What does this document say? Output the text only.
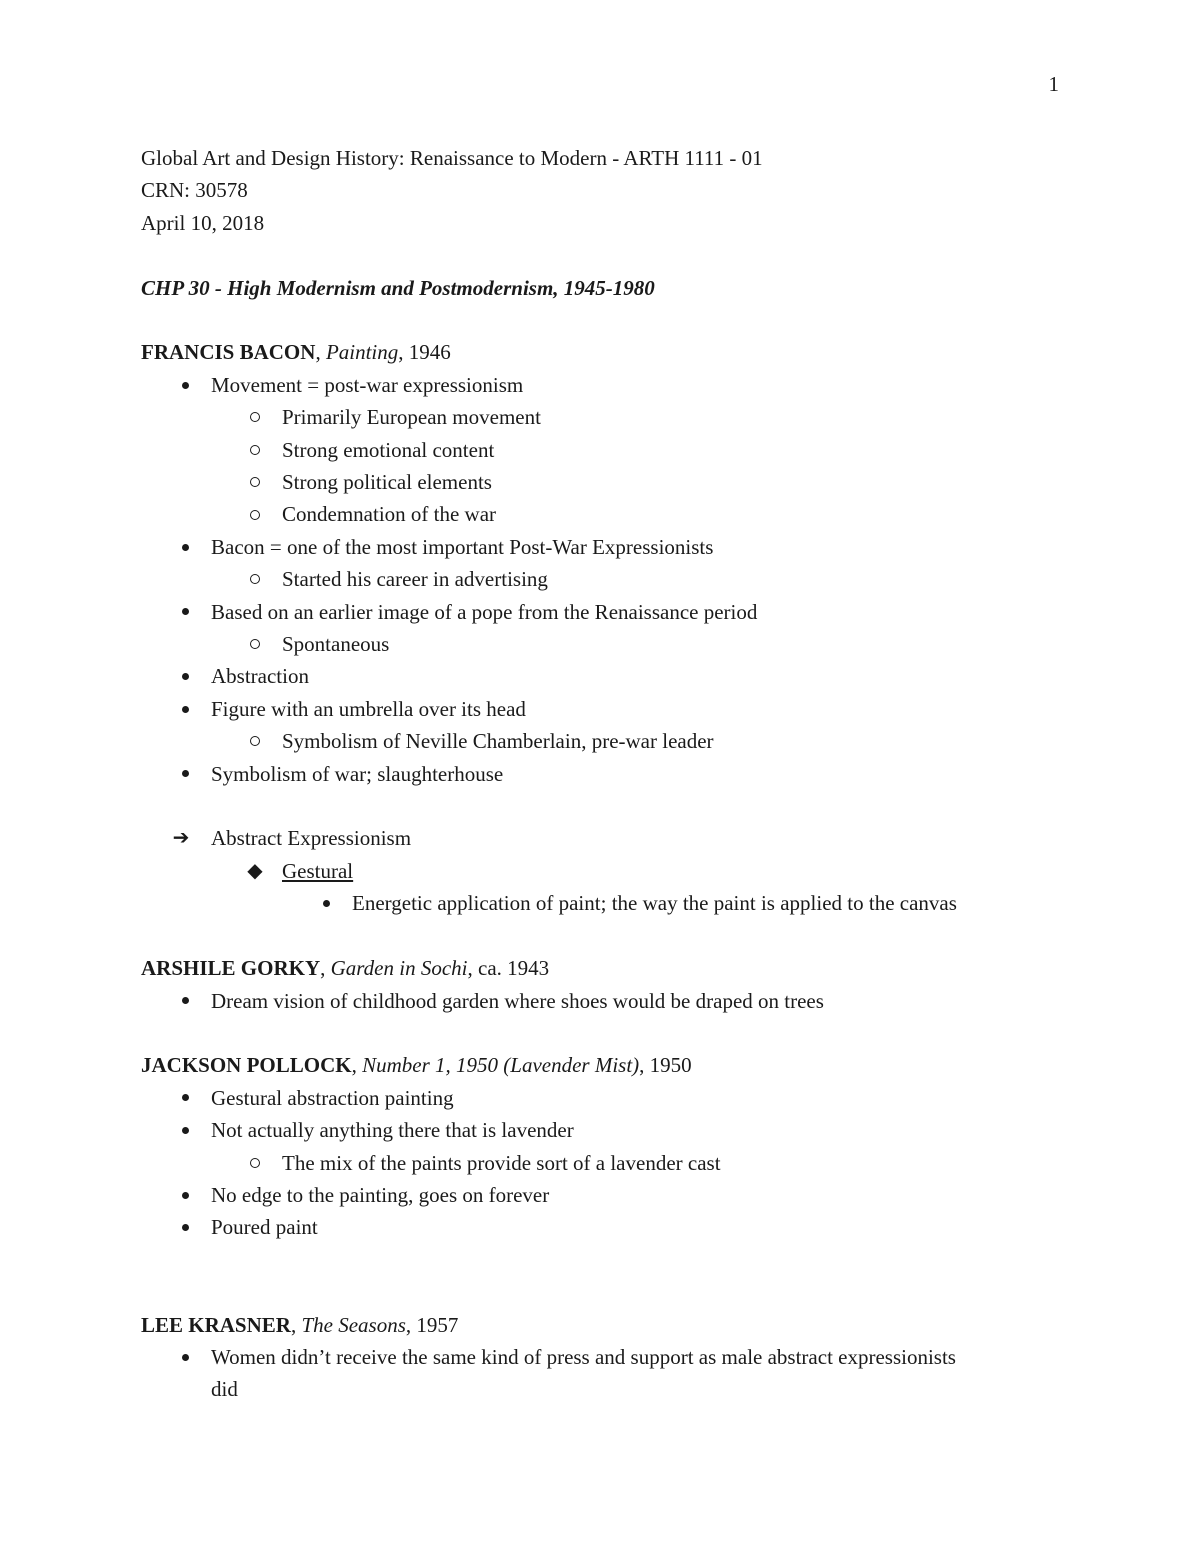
1
Global Art and Design History: Renaissance to Modern - ARTH 1111 - 01
CRN: 30578
April 10, 2018
CHP 30 - High Modernism and Postmodernism, 1945-1980
FRANCIS BACON, Painting, 1946
Movement = post-war expressionism
Primarily European movement
Strong emotional content
Strong political elements
Condemnation of the war
Bacon = one of the most important Post-War Expressionists
Started his career in advertising
Based on an earlier image of a pope from the Renaissance period
Spontaneous
Abstraction
Figure with an umbrella over its head
Symbolism of Neville Chamberlain, pre-war leader
Symbolism of war; slaughterhouse
➔ Abstract Expressionism
◆ Gestural
Energetic application of paint; the way the paint is applied to the canvas
ARSHILE GORKY, Garden in Sochi, ca. 1943
Dream vision of childhood garden where shoes would be draped on trees
JACKSON POLLOCK, Number 1, 1950 (Lavender Mist), 1950
Gestural abstraction painting
Not actually anything there that is lavender
The mix of the paints provide sort of a lavender cast
No edge to the painting, goes on forever
Poured paint
LEE KRASNER, The Seasons, 1957
Women didn’t receive the same kind of press and support as male abstract expressionists did
